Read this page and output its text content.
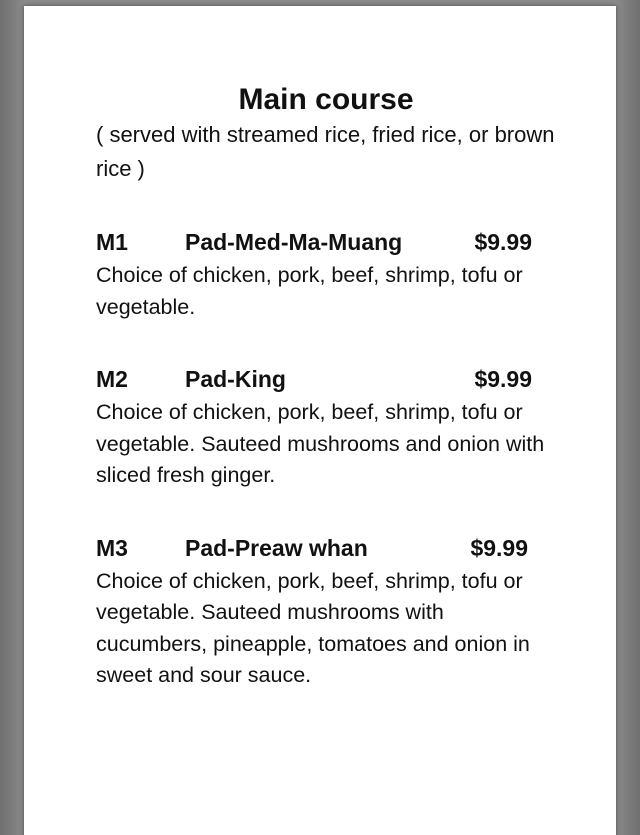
Main course

( served with streamed rice, fried rice, or brown rice )

M1	Pad-Med-Ma-Muang	$9.99

Choice of chicken, pork, beef, shrimp, tofu or vegetable.

M2	Pad-King	$9.99

Choice of chicken, pork, beef, shrimp, tofu or vegetable. Sauteed mushrooms and onion with sliced fresh ginger.

M3	Pad-Preaw whan	$9.99

Choice of chicken, pork, beef, shrimp, tofu or vegetable. Sauteed mushrooms with cucumbers, pineapple, tomatoes and onion in sweet and sour sauce.
